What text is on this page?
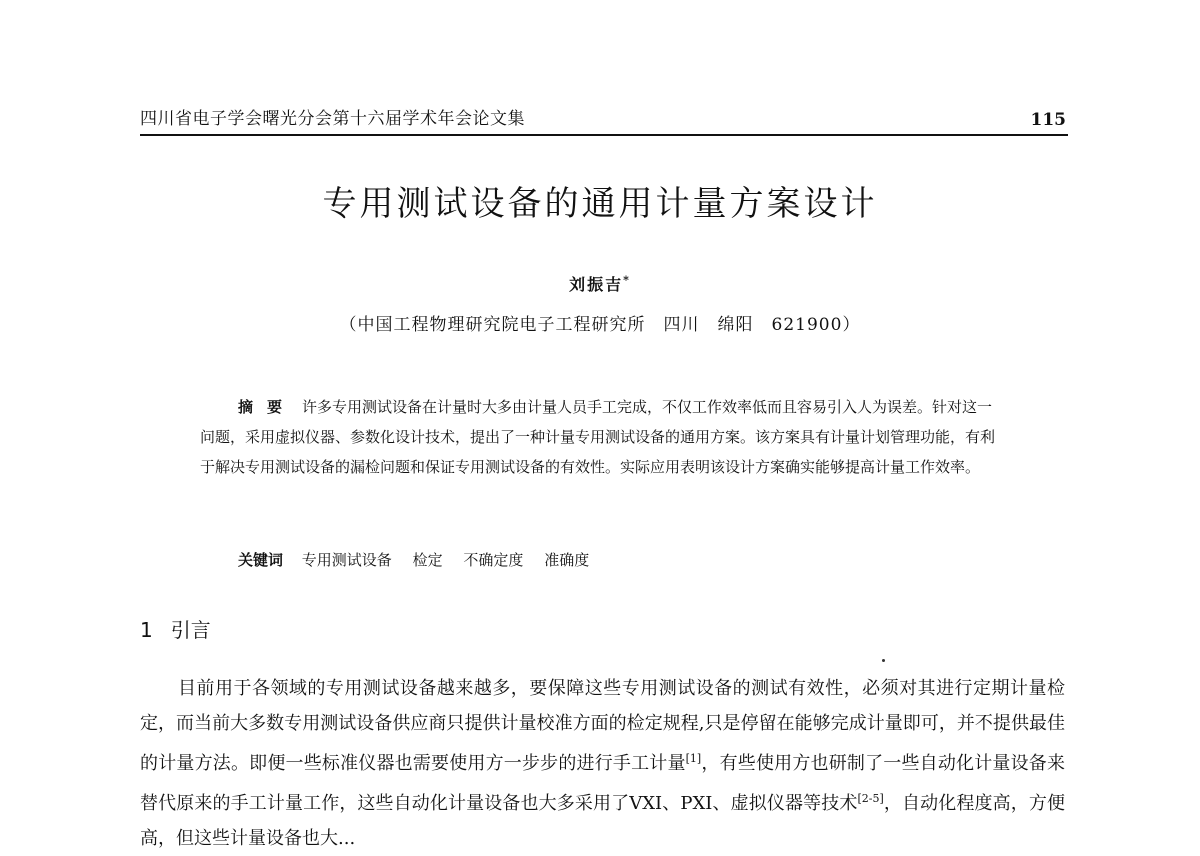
四川省电子学会曙光分会第十六届学术年会论文集	115
专用测试设备的通用计量方案设计
刘振吉*
（中国工程物理研究院电子工程研究所　四川　绵阳　621900）

摘要 许多专用测试设备在计量时大多由计量人员手工完成，不仅工作效率低而且容易引入人为误差。针对这一问题，采用虚拟仪器、参数化设计技术，提出了一种计量专用测试设备的通用方案。该方案具有计量计划管理功能，有利于解决专用测试设备的漏检问题和保证专用测试设备的有效性。实际应用表明该设计方案确实能够提高计量工作效率。

关键词 专用测试设备 检定 不确定度 准确度
1 引言

目前用于各领域的专用测试设备越来越多，要保障这些专用测试设备的测试有效性，必须对其进行定期计量检定，而当前大多数专用测试设备供应商只提供计量校准方面的检定规程,只是停留在能够完成计量即可，并不提供最佳的计量方法。即便一些标准仪器也需要使用方一步步的进行手工计量[1]，有些使用方也研制了一些自动化计量设备来替代原来的手工计量工作，这些自动化计量设备也大多采用了VXI、PXI、虚拟仪器等技术[2-5]，自动化程度高，方便高，但这些计量设备也大...
